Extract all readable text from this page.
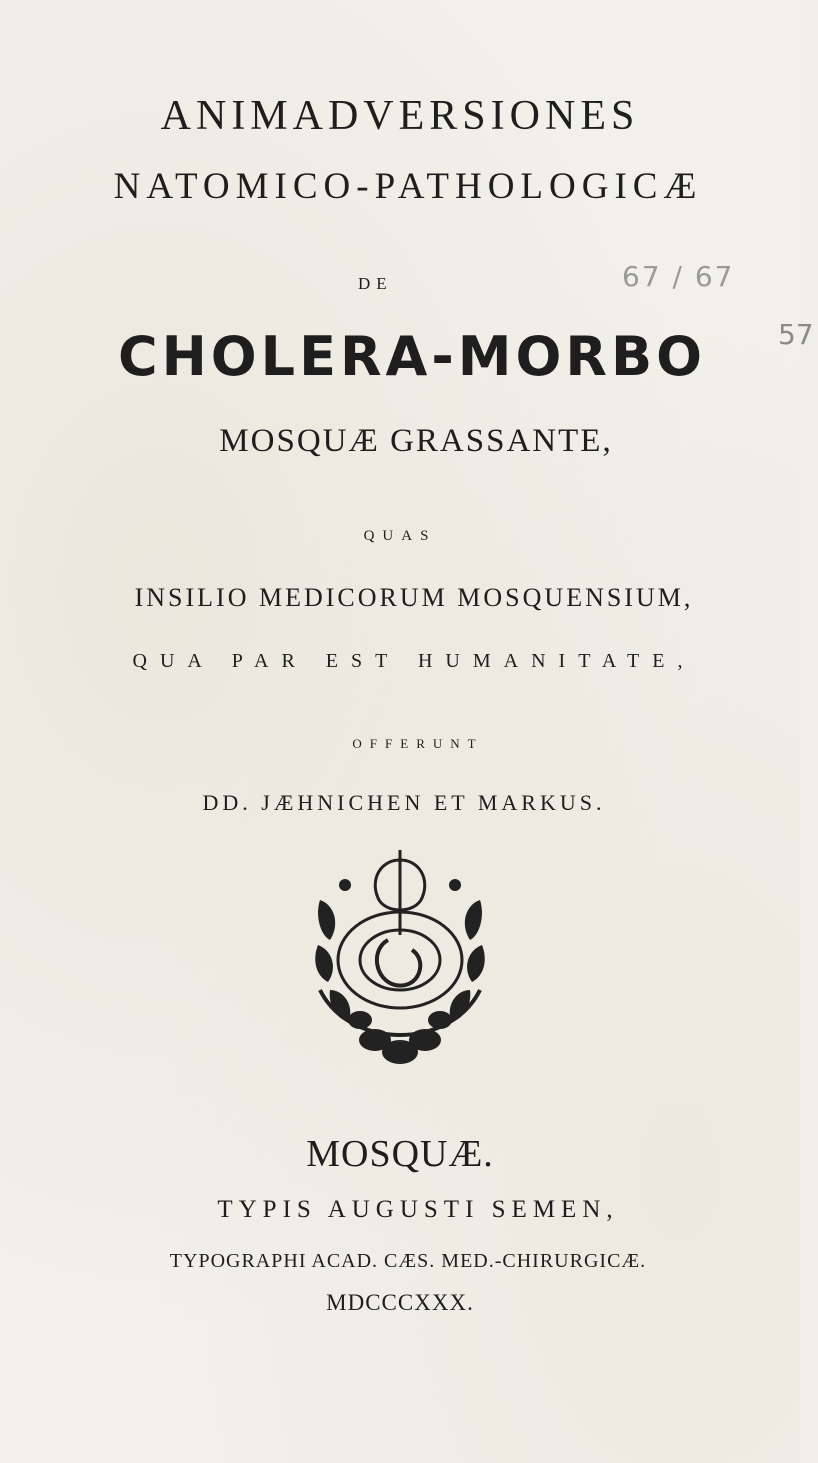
ANIMADVERSIONES
NATOMICO-PATHOLOGICÆ
DE	67 / 67
57
CHOLERA-MORBO
MOSQUÆ GRASSANTE,
QUAS
INSILIO MEDICORUM MOSQUENSIUM,
QUA PAR EST HUMANITATE,
OFFERUNT
DD. JÆHNICHEN ET MARKUS.
MOSQUÆ.
TYPIS AUGUSTI SEMEN,
TYPOGRAPHI ACAD. CÆS. MED.-CHIRURGICÆ.
MDCCCXXX.
